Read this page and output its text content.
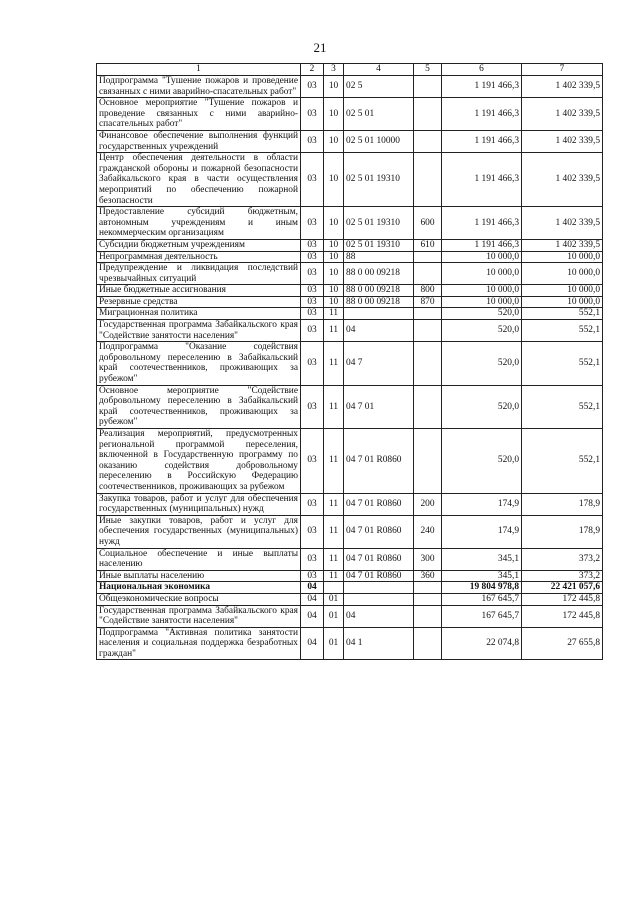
21
1	2	3	4	5	6	7
Подпрограмма "Тушение пожаров и проведение связанных с ними аварийно-спасательных работ"	03	10	02 5		1 191 466,3	1 402 339,5
Основное мероприятие "Тушение пожаров и проведение связанных с ними аварийно-спасательных работ"	03	10	02 5 01		1 191 466,3	1 402 339,5
Финансовое обеспечение выполнения функций государственных учреждений	03	10	02 5 01 10000		1 191 466,3	1 402 339,5
Центр обеспечения деятельности в области гражданской обороны и пожарной безопасности Забайкальского края в части осуществления мероприятий по обеспечению пожарной безопасности	03	10	02 5 01 19310		1 191 466,3	1 402 339,5
Предоставление субсидий бюджетным, автономным учреждениям и иным некоммерческим организациям	03	10	02 5 01 19310	600	1 191 466,3	1 402 339,5
Субсидии бюджетным учреждениям	03	10	02 5 01 19310	610	1 191 466,3	1 402 339,5
Непрограммная деятельность	03	10	88		10 000,0	10 000,0
Предупреждение и ликвидация последствий чрезвычайных ситуаций	03	10	88 0 00 09218		10 000,0	10 000,0
Иные бюджетные ассигнования	03	10	88 0 00 09218	800	10 000,0	10 000,0
Резервные средства	03	10	88 0 00 09218	870	10 000,0	10 000,0
Миграционная политика	03	11			520,0	552,1
Государственная программа Забайкальского края "Содействие занятости населения"	03	11	04		520,0	552,1
Подпрограмма "Оказание содействия добровольному переселению в Забайкальский край соотечественников, проживающих за рубежом"	03	11	04 7		520,0	552,1
Основное мероприятие "Содействие добровольному переселению в Забайкальский край соотечественников, проживающих за рубежом"	03	11	04 7 01		520,0	552,1
Реализация мероприятий, предусмотренных региональной программой переселения, включенной в Государственную программу по оказанию содействия добровольному переселению в Российскую Федерацию соотечественников, проживающих за рубежом	03	11	04 7 01 R0860		520,0	552,1
Закупка товаров, работ и услуг для обеспечения государственных (муниципальных) нужд	03	11	04 7 01 R0860	200	174,9	178,9
Иные закупки товаров, работ и услуг для обеспечения государственных (муниципальных) нужд	03	11	04 7 01 R0860	240	174,9	178,9
Социальное обеспечение и иные выплаты населению	03	11	04 7 01 R0860	300	345,1	373,2
Иные выплаты населению	03	11	04 7 01 R0860	360	345,1	373,2
Национальная экономика	04				19 804 978,8	22 421 057,6
Общеэкономические вопросы	04	01			167 645,7	172 445,8
Государственная программа Забайкальского края "Содействие занятости населения"	04	01	04		167 645,7	172 445,8
Подпрограмма "Активная политика занятости населения и социальная поддержка безработных граждан"	04	01	04 1		22 074,8	27 655,8
